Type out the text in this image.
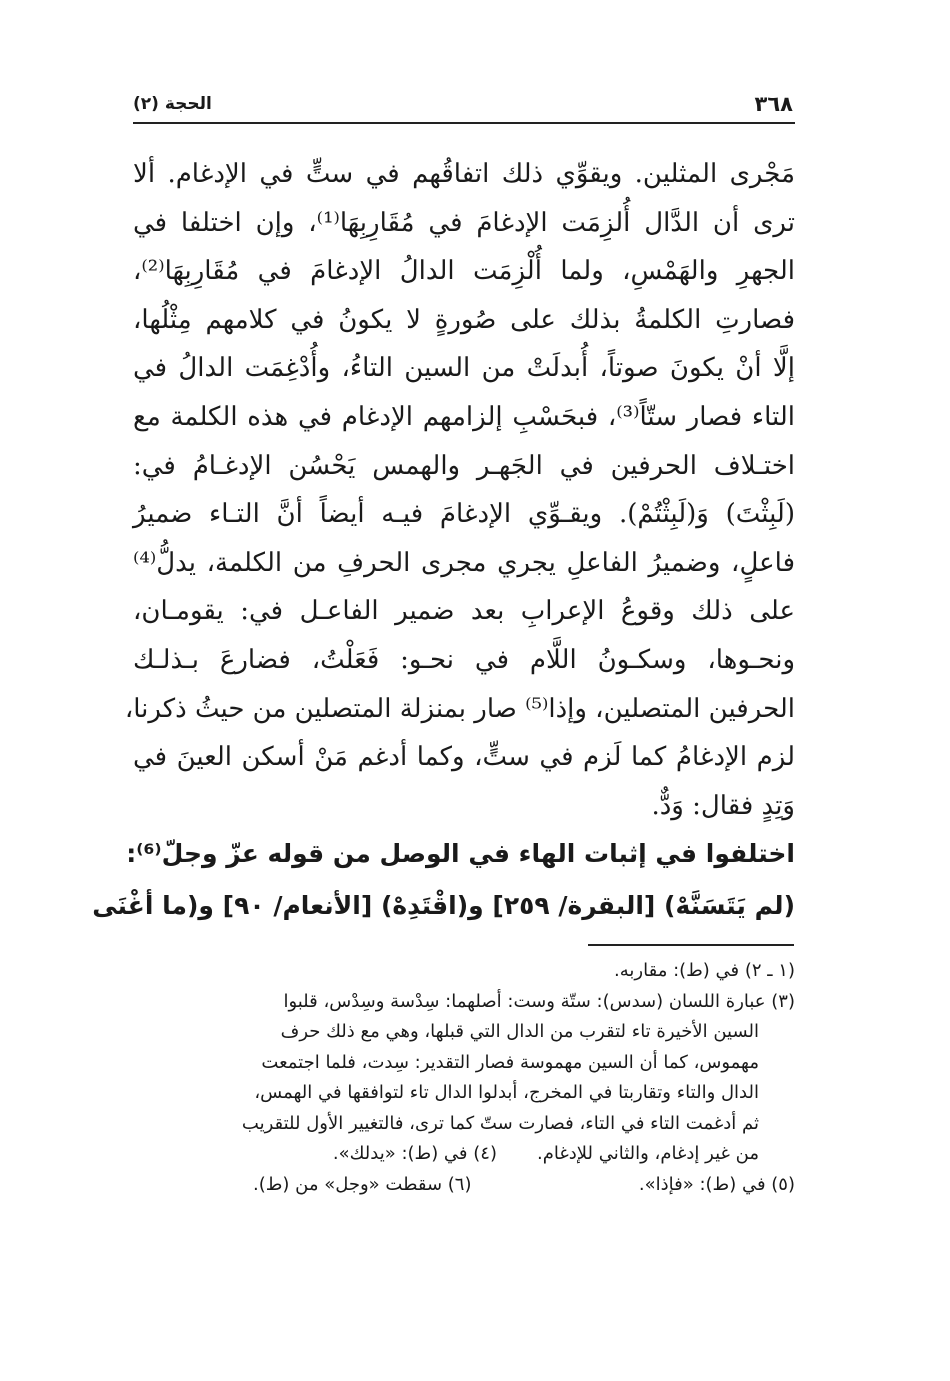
٣٦٨
الحجة (٢)
مَجْرى المثلين. ويقوِّي ذلك اتفاقُهم في ستٍّ في الإدغام. ألا
ترى أن الدَّال أُلزِمَت الإدغامَ في مُقَارِبِهَا⁽¹⁾، وإن اختلفا في
الجهرِ والهَمْسِ، ولما أُلْزِمَت الدالُ الإدغامَ في مُقَارِبِهَا⁽²⁾،
فصارتِ الكلمةُ بذلك على صُورةٍ لا يكونُ في كلامهم مِثْلُها،
إلَّا أنْ يكونَ صوتاً، أُبدلَتْ من السين التاءُ، وأُدْغِمَت الدالُ في
التاء فصار ستّاً⁽³⁾، فبحَسْبِ إلزامهم الإدغام في هذه الكلمة مع
اختـلاف الحرفين في الجَهـر والهمس يَحْسُن الإدغـامُ في:
(لَبِثْتَ) وَ(لَبِثْتُمْ). ويقـوِّي الإدغامَ فيـه أيضاً أنَّ التـاء ضميرُ
فاعلٍ، وضميرُ الفاعلِ يجري مجرى الحرفِ من الكلمة، يدلُّ⁽⁴⁾
على ذلك وقوعُ الإعرابِ بعد ضمير الفاعـل في: يقومـان،
ونحـوها، وسكـونُ اللَّام في نحـو: فَعَلْتُ، فضارعَ بـذلـك
الحرفين المتصلين، وإذا⁽⁵⁾ صار بمنزلة المتصلين من حيثُ ذكرنا،
لزم الإدغامُ كما لَزم في ستٍّ، وكما أدغم مَنْ أسكن العينَ في
وَتِدٍ فقال: وَدٌّ.
اختلفوا في إثبات الهاء في الوصل من قوله عزّ وجلّ⁽⁶⁾:
(لم يَتَسَنَّهْ) [البقرة/ ٢٥٩] و(اقْتَدِهْ) [الأنعام/ ٩٠] و(ما أغْنَى
(١ ـ ٢) في (ط): مقاربه.
(٣) عبارة اللسان (سدس): ستّة وست: أصلهما: سِدْسة وسِدْس، قلبوا
السين الأخيرة تاء لتقرب من الدال التي قبلها، وهي مع ذلك حرف
مهموس، كما أن السين مهموسة فصار التقدير: سِدت، فلما اجتمعت
الدال والتاء وتقاربتا في المخرج، أبدلوا الدال تاء لتوافقها في الهمس،
ثم أدغمت التاء في التاء، فصارت ستّ كما ترى، فالتغيير الأول للتقريب
من غير إدغام، والثاني للإدغام.
(٤) في (ط): «يدلك».
(٥) في (ط): «فإذا».
(٦) سقطت «وجل» من (ط).
